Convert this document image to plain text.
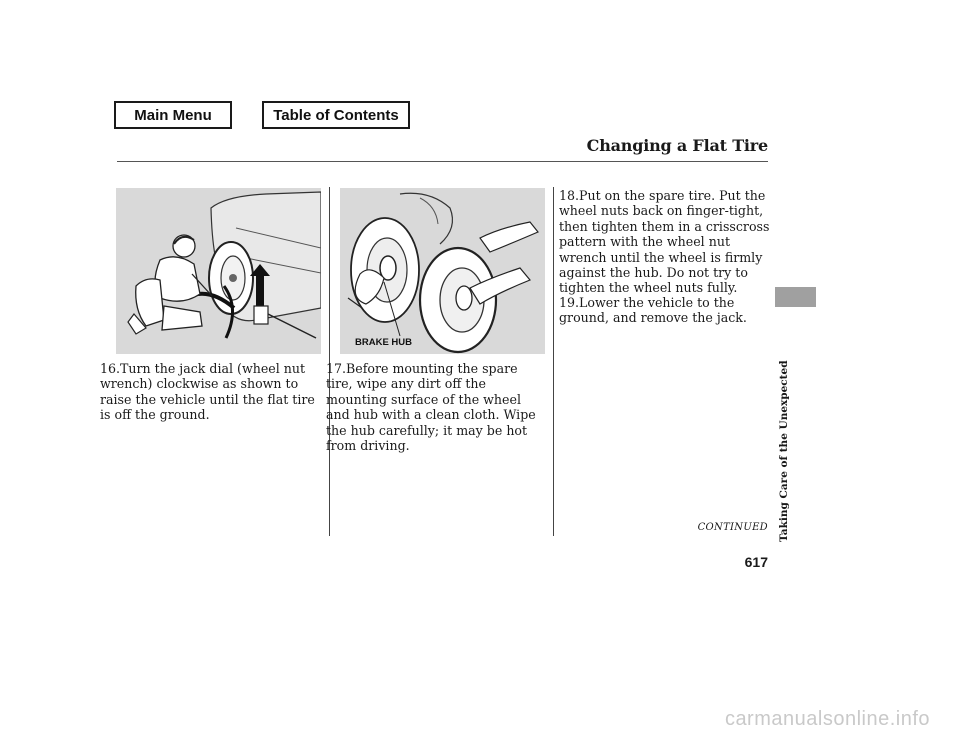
Main Menu	Table of Contents
Changing a Flat Tire
BRAKE HUB
16.Turn the jack dial (wheel nut wrench) clockwise as shown to raise the vehicle until the flat tire is off the ground.
17.Before mounting the spare tire, wipe any dirt off the mounting surface of the wheel and hub with a clean cloth. Wipe the hub carefully; it may be hot from driving.
18.Put on the spare tire. Put the wheel nuts back on finger-tight, then tighten them in a crisscross pattern with the wheel nut wrench until the wheel is firmly against the hub. Do not try to tighten the wheel nuts fully.
19.Lower the vehicle to the ground, and remove the jack.
CONTINUED Taking Care of the Unexpected
617
carmanualsonline.info
